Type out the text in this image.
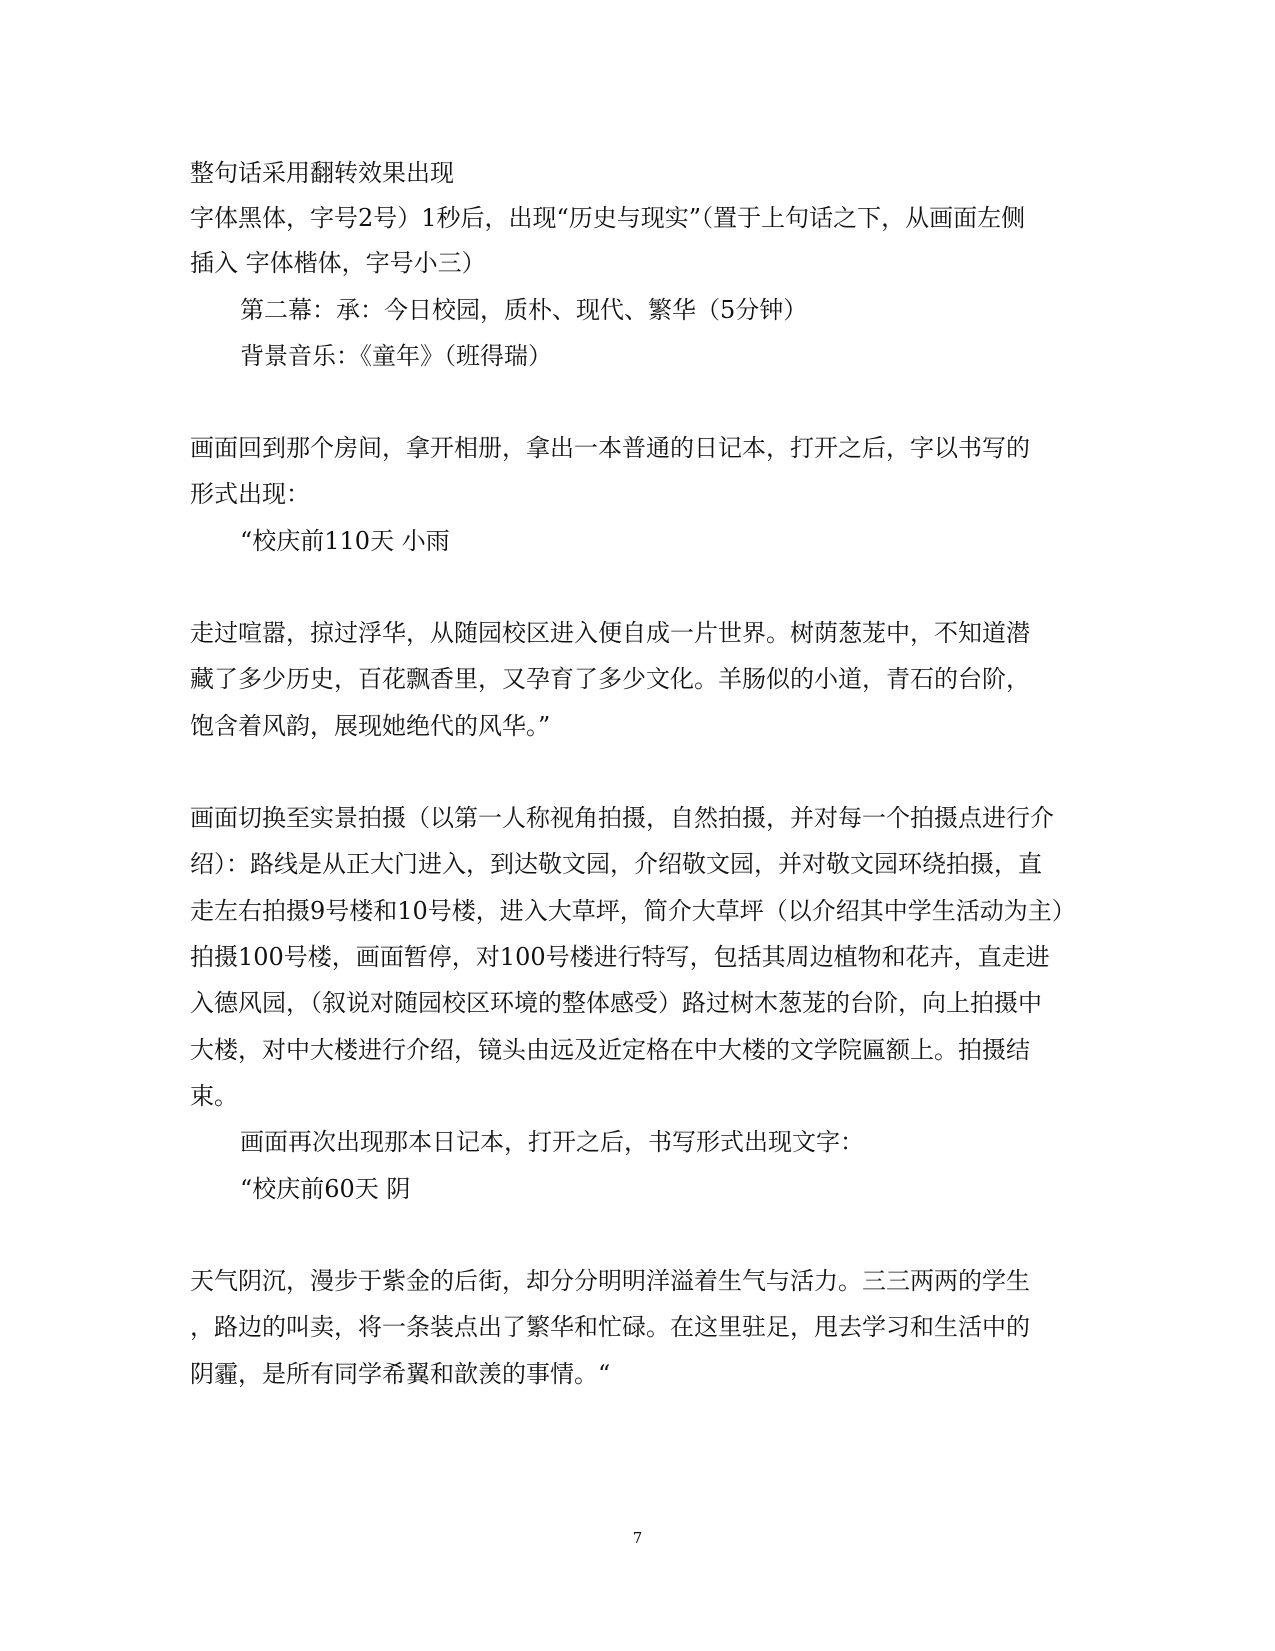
整句话采用翻转效果出现
字体黑体，字号2号）1秒后，出现“历史与现实”（置于上句话之下，从画面左侧
插入 字体楷体，字号小三）
第二幕：承：今日校园，质朴、现代、繁华（5分钟）
背景音乐：《童年》（班得瑞）
画面回到那个房间，拿开相册，拿出一本普通的日记本，打开之后，字以书写的
形式出现：
“校庆前110天 小雨
走过喧嚣，掠过浮华，从随园校区进入便自成一片世界。树荫葱茏中，不知道潜
藏了多少历史，百花飘香里，又孕育了多少文化。羊肠似的小道，青石的台阶，
饱含着风韵，展现她绝代的风华。”
画面切换至实景拍摄（以第一人称视角拍摄，自然拍摄，并对每一个拍摄点进行介
绍）：路线是从正大门进入，到达敬文园，介绍敬文园，并对敬文园环绕拍摄，直
走左右拍摄9号楼和10号楼，进入大草坪，简介大草坪（以介绍其中学生活动为主）
拍摄100号楼，画面暂停，对100号楼进行特写，包括其周边植物和花卉，直走进
入德风园，（叙说对随园校区环境的整体感受）路过树木葱茏的台阶，向上拍摄中
大楼，对中大楼进行介绍，镜头由远及近定格在中大楼的文学院匾额上。拍摄结
束。
画面再次出现那本日记本，打开之后，书写形式出现文字：
“校庆前60天 阴
天气阴沉，漫步于紫金的后街，却分分明明洋溢着生气与活力。三三两两的学生
，路边的叫卖，将一条装点出了繁华和忙碌。在这里驻足，甩去学习和生活中的
阴霾，是所有同学希翼和歆羡的事情。“
7
